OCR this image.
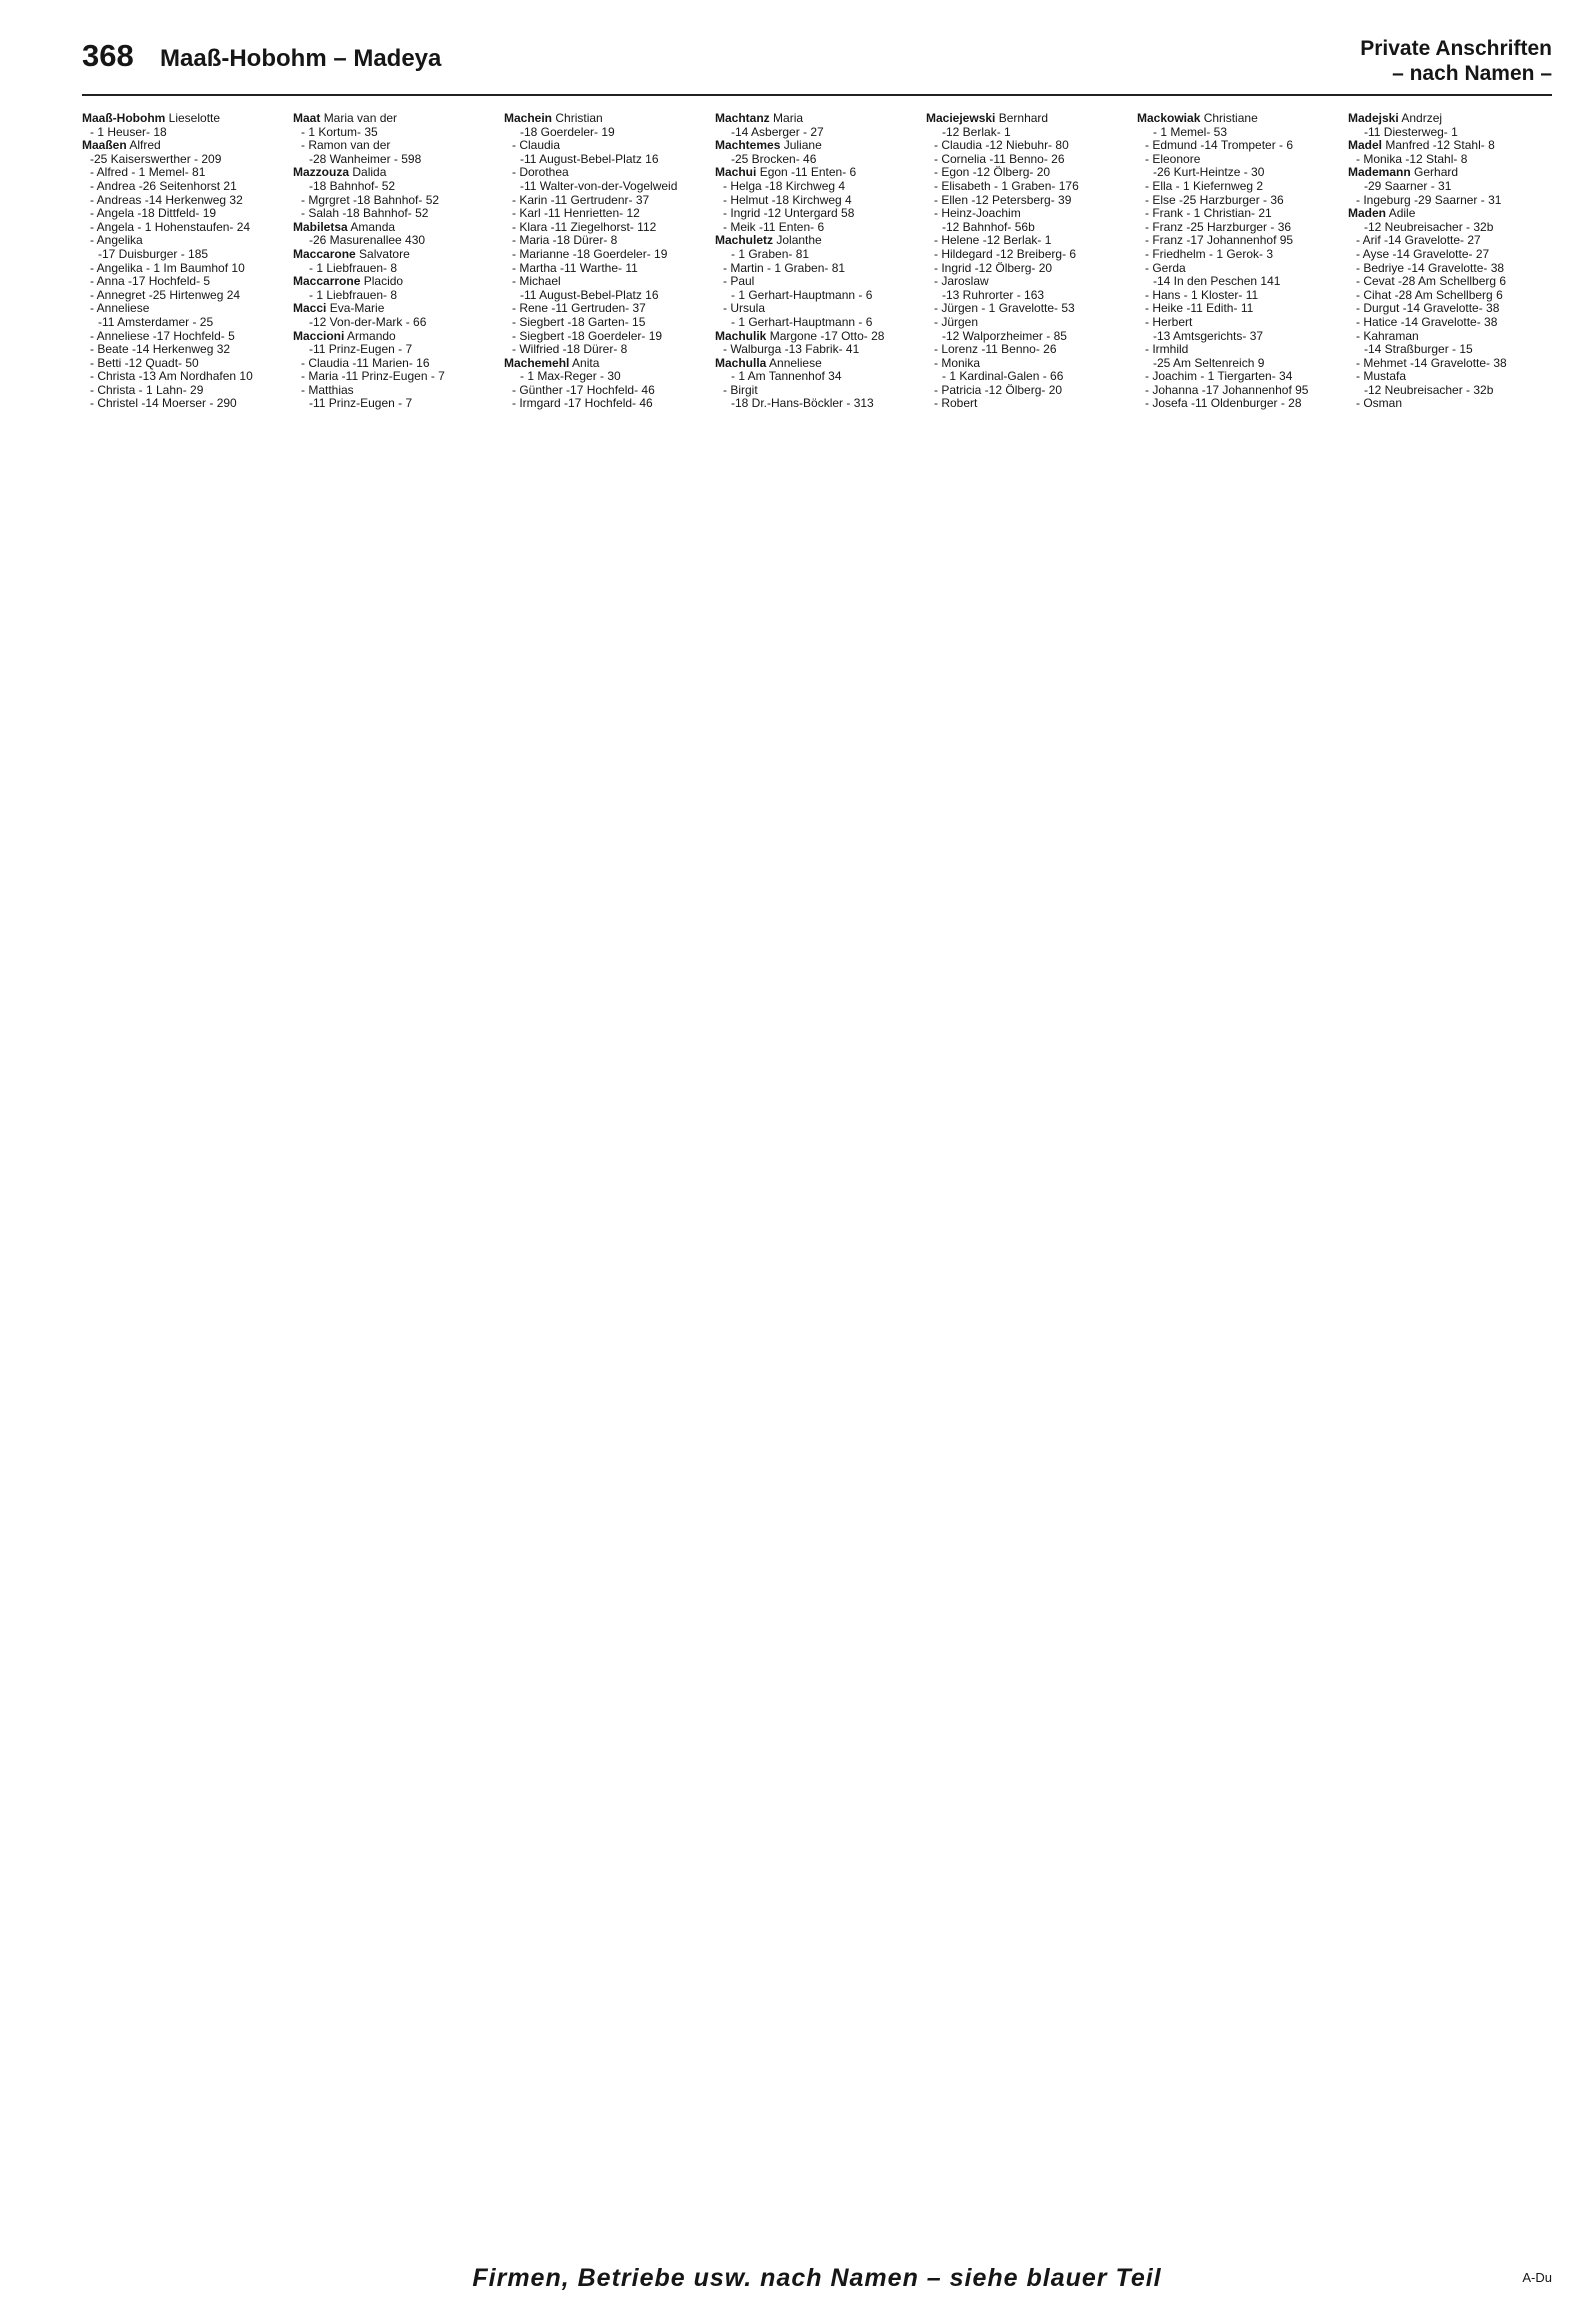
368 Maaß-Hobohm – Madeya	Private Anschriften
– nach Namen –
Maaß-Hobohm Lieselotte
- 1 Heuser- 18
Maaßen Alfred
-25 Kaiserswerther - 209
- Alfred - 1 Memel- 81
- Andrea -26 Seitenhorst 21
- Andreas -14 Herkenweg 32
- Angela -18 Dittfeld- 19
- Angela - 1 Hohenstaufen- 24
- Angelika
-17 Duisburger - 185
- Angelika - 1 Im Baumhof 10
- Anna -17 Hochfeld- 5
- Annegret -25 Hirtenweg 24
- Anneliese
-11 Amsterdamer - 25
- Anneliese -17 Hochfeld- 5
- Beate -14 Herkenweg 32
- Betti -12 Quadt- 50
- Christa -13 Am Nordhafen 10
- Christa - 1 Lahn- 29
- Christel -14 Moerser - 290
Maat Maria van der
- 1 Kortum- 35
- Ramon van der
-28 Wanheimer - 598
Mazzouza Dalida
-18 Bahnhof- 52
- Mgrgret -18 Bahnhof- 52
- Salah -18 Bahnhof- 52
Mabiletsa Amanda
-26 Masurenallee 430
Maccarone Salvatore
- 1 Liebfrauen- 8
Maccarrone Placido
- 1 Liebfrauen- 8
Macci Eva-Marie
-12 Von-der-Mark - 66
Maccioni Armando
-11 Prinz-Eugen - 7
- Claudia -11 Marien- 16
- Maria -11 Prinz-Eugen - 7
- Matthias
-11 Prinz-Eugen - 7
Machein Christian
-18 Goerdeler- 19
- Claudia
-11 August-Bebel-Platz 16
- Dorothea
-11 Walter-von-der-Vogelweid
- Karin -11 Gertrudenr- 37
- Karl -11 Henrietten- 12
- Klara -11 Ziegelhorst- 112
- Maria -18 Dürer- 8
- Marianne -18 Goerdeler- 19
- Martha -11 Warthe- 11
- Michael
-11 August-Bebel-Platz 16
- Rene -11 Gertruden- 37
- Siegbert -18 Garten- 15
- Siegbert -18 Goerdeler- 19
- Wilfried -18 Dürer- 8
Machemehl Anita
- 1 Max-Reger - 30
- Günther -17 Hochfeld- 46
- Irmgard -17 Hochfeld- 46
Machtanz Maria
-14 Asberger - 27
Machtemes Juliane
-25 Brocken- 46
Machui Egon -11 Enten- 6
- Helga -18 Kirchweg 4
- Helmut -18 Kirchweg 4
- Ingrid -12 Untergard 58
- Meik -11 Enten- 6
Machuletz Jolanthe
- 1 Graben- 81
- Martin - 1 Graben- 81
- Paul
- 1 Gerhart-Hauptmann - 6
- Ursula
- 1 Gerhart-Hauptmann - 6
Machulik Margone -17 Otto- 28
- Walburga -13 Fabrik- 41
Machulla Anneliese
- 1 Am Tannenhof 34
- Birgit
-18 Dr.-Hans-Böckler - 313
Maciejewski Bernhard
-12 Berlak- 1
- Claudia -12 Niebuhr- 80
- Cornelia -11 Benno- 26
- Egon -12 Ölberg- 20
- Elisabeth - 1 Graben- 176
- Ellen -12 Petersberg- 39
- Heinz-Joachim
-12 Bahnhof- 56b
- Helene -12 Berlak- 1
- Hildegard -12 Breiberg- 6
- Ingrid -12 Ölberg- 20
- Jaroslaw
-13 Ruhrorter - 163
- Jürgen - 1 Gravelotte- 53
- Jürgen
-12 Walporzheimer - 85
- Lorenz -11 Benno- 26
- Monika
- 1 Kardinal-Galen - 66
- Patricia -12 Ölberg- 20
- Robert
Mackowiak Christiane
- 1 Memel- 53
- Edmund -14 Trompeter - 6
- Eleonore
-26 Kurt-Heintze - 30
- Ella - 1 Kiefernweg 2
- Else -25 Harzburger - 36
- Frank - 1 Christian- 21
- Franz -25 Harzburger - 36
- Franz -17 Johannenhof 95
- Friedhelm - 1 Gerok- 3
- Gerda
-14 In den Peschen 141
- Hans - 1 Kloster- 11
- Heike -11 Edith- 11
- Herbert
-13 Amtsgerichts- 37
- Irmhild
-25 Am Seltenreich 9
- Joachim - 1 Tiergarten- 34
- Johanna -17 Johannenhof 95
- Josefa -11 Oldenburger - 28
Madejski Andrzej
-11 Diesterweg- 1
Madel Manfred -12 Stahl- 8
- Monika -12 Stahl- 8
Mademann Gerhard
-29 Saarner - 31
- Ingeburg -29 Saarner - 31
Maden Adile
-12 Neubreisacher - 32b
- Arif -14 Gravelotte- 27
- Ayse -14 Gravelotte- 27
- Bedriye -14 Gravelotte- 38
- Cevat -28 Am Schellberg 6
- Cihat -28 Am Schellberg 6
- Durgut -14 Gravelotte- 38
- Hatice -14 Gravelotte- 38
- Kahraman
-14 Straßburger - 15
- Mehmet -14 Gravelotte- 38
- Mustafa
-12 Neubreisacher - 32b
- Osman
Firmen, Betriebe usw. nach Namen – siehe blauer Teil	A-Du
